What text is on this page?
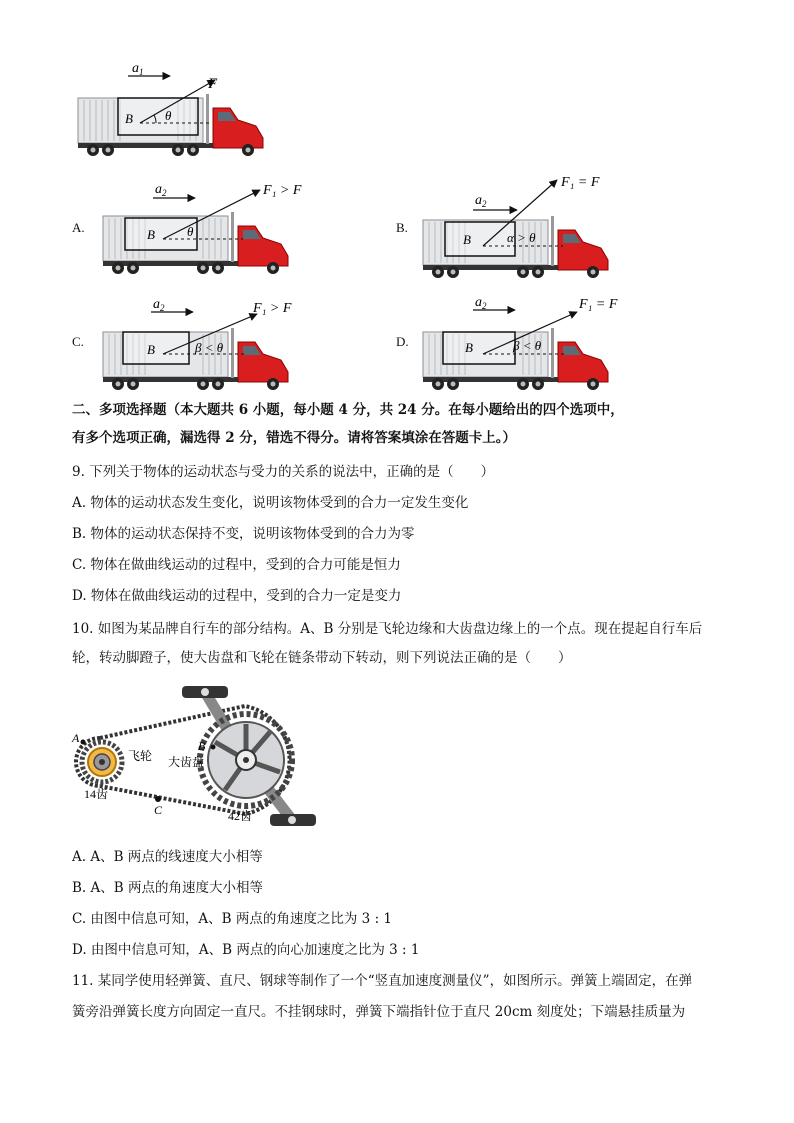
$a_1$
F
B θ
A.
$a_2$	F₁ > F
B θ	B.
$a_2$
F₁ = F
B	α > θ
C.
$a_2$	F₁ > F
B	β < θ	D.
$a_2$	F₁ = F
B	β < θ
二、多项选择题（本大题共 6 小题，每小题 4 分，共 24 分。在每小题给出的四个选项中，
有多个选项正确，漏选得 2 分，错选不得分。请将答案填涂在答题卡上。）
9. 下列关于物体的运动状态与受力的关系的说法中，正确的是（　　）
A. 物体的运动状态发生变化，说明该物体受到的合力一定发生变化
B. 物体的运动状态保持不变，说明该物体受到的合力为零
C. 物体在做曲线运动的过程中，受到的合力可能是恒力
D. 物体在做曲线运动的过程中，受到的合力一定是变力
10. 如图为某品牌自行车的部分结构。A、B 分别是飞轮边缘和大齿盘边缘上的一个点。现在提起自行车后
轮，转动脚蹬子，使大齿盘和飞轮在链条带动下转动，则下列说法正确的是（　　）
A
B
C
飞轮 大齿盘
14齿
42齿
A. A、B 两点的线速度大小相等
B. A、B 两点的角速度大小相等
C. 由图中信息可知，A、B 两点的角速度之比为 3 : 1
D. 由图中信息可知，A、B 两点的向心加速度之比为 3 : 1
11. 某同学使用轻弹簧、直尺、钢球等制作了一个“竖直加速度测量仪”，如图所示。弹簧上端固定，在弹
簧旁沿弹簧长度方向固定一直尺。不挂钢球时，弹簧下端指针位于直尺 20cm 刻度处；下端悬挂质量为
